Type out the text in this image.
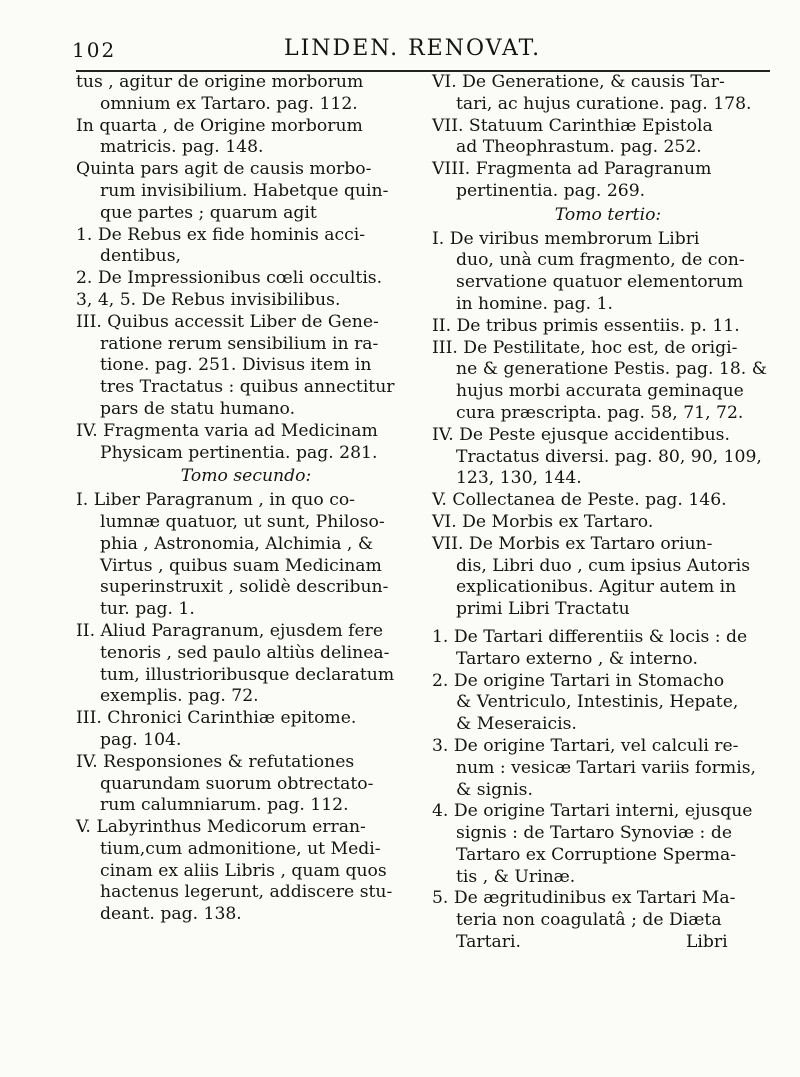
102	LINDEN. RENOVAT.
tus , agitur de origine morborum
omnium ex Tartaro. pag. 112.
In quarta , de Origine morborum
matricis. pag. 148.
Quinta pars agit de causis morbo-
rum invisibilium. Habetque quin-
que partes ; quarum agit
1. De Rebus ex fide hominis acci-
dentibus,
2. De Impressionibus cœli occultis.
3, 4, 5. De Rebus invisibilibus.
III. Quibus accessit Liber de Gene-
ratione rerum sensibilium in ra-
tione. pag. 251. Divisus item in
tres Tractatus : quibus annectitur
pars de statu humano.
IV. Fragmenta varia ad Medicinam
Physicam pertinentia. pag. 281.
Tomo secundo:
I. Liber Paragranum , in quo co-
lumnæ quatuor, ut sunt, Philoso-
phia , Astronomia, Alchimia , &
Virtus , quibus suam Medicinam
superinstruxit , solidè describun-
tur. pag. 1.
II. Aliud Paragranum, ejusdem fere
tenoris , sed paulo altiùs delinea-
tum, illustrioribusque declaratum
exemplis. pag. 72.
III. Chronici Carinthiæ epitome.
pag. 104.
IV. Responsiones & refutationes
quarundam suorum obtrectato-
rum calumniarum. pag. 112.
V. Labyrinthus Medicorum erran-
tium,cum admonitione, ut Medi-
cinam ex aliis Libris , quam quos
hactenus legerunt, addiscere stu-
deant. pag. 138.
VI. De Generatione, & causis Tar-
tari, ac hujus curatione. pag. 178.
VII. Statuum Carinthiæ Epistola
ad Theophrastum. pag. 252.
VIII. Fragmenta ad Paragranum
pertinentia. pag. 269.
Tomo tertio:
I. De viribus membrorum Libri
duo, unà cum fragmento, de con-
servatione quatuor elementorum
in homine. pag. 1.
II. De tribus primis essentiis. p. 11.
III. De Pestilitate, hoc est, de origi-
ne & generatione Pestis. pag. 18. &
hujus morbi accurata geminaque
cura præscripta. pag. 58, 71, 72.
IV. De Peste ejusque accidentibus.
Tractatus diversi. pag. 80, 90, 109,
123, 130, 144.
V. Collectanea de Peste. pag. 146.
VI. De Morbis ex Tartaro.
VII. De Morbis ex Tartaro oriun-
dis, Libri duo , cum ipsius Autoris
explicationibus. Agitur autem in
primi Libri Tractatu
1. De Tartari differentiis & locis : de
Tartaro externo , & interno.
2. De origine Tartari in Stomacho
& Ventriculo, Intestinis, Hepate,
& Meseraicis.
3. De origine Tartari, vel calculi re-
num : vesicæ Tartari variis formis,
& signis.
4. De origine Tartari interni, ejusque
signis : de Tartaro Synoviæ : de
Tartaro ex Corruptione Sperma-
tis , & Urinæ.
5. De ægritudinibus ex Tartari Ma-
teria non coagulatâ ; de Diæta
Tartari.	Libri
